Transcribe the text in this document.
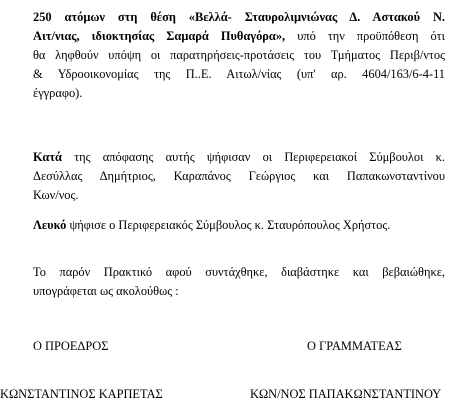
250 ατόμων στη θέση «Βελλά- Σταυρολιμνιώνας Δ. Αστακού Ν.
Αιτ/νιας, ιδιοκτησίας Σαμαρά Πυθαγόρα», υπό την προϋπόθεση ότι
θα ληφθούν υπόψη οι παρατηρήσεις-προτάσεις του Τμήματος Περιβ/ντος
& Υδροοικονομίας της Π..Ε. Αιτωλ/νίας (υπ' αρ. 4604/163/6-4-11
έγγραφο).
Κατά της απόφασης αυτής ψήφισαν οι Περιφερειακοί Σύμβουλοι κ.
Δεσύλλας Δημήτριος, Καραπάνος Γεώργιος και Παπακωνσταντίνου
Κων/νος.
Λευκό ψήφισε ο Περιφερειακός Σύμβουλος κ. Σταυρόπουλος Χρήστος.
Το παρόν Πρακτικό αφού συντάχθηκε, διαβάστηκε και βεβαιώθηκε,
υπογράφεται ως ακολούθως :
Ο ΠΡΟΕΔΡΟΣ	Ο ΓΡΑΜΜΑΤΕΑΣ
ΚΩΝΣΤΑΝΤΙΝΟΣ ΚΑΡΠΕΤΑΣ	ΚΩΝ/ΝΟΣ ΠΑΠΑΚΩΝΣΤΑΝΤΙΝΟΥ
